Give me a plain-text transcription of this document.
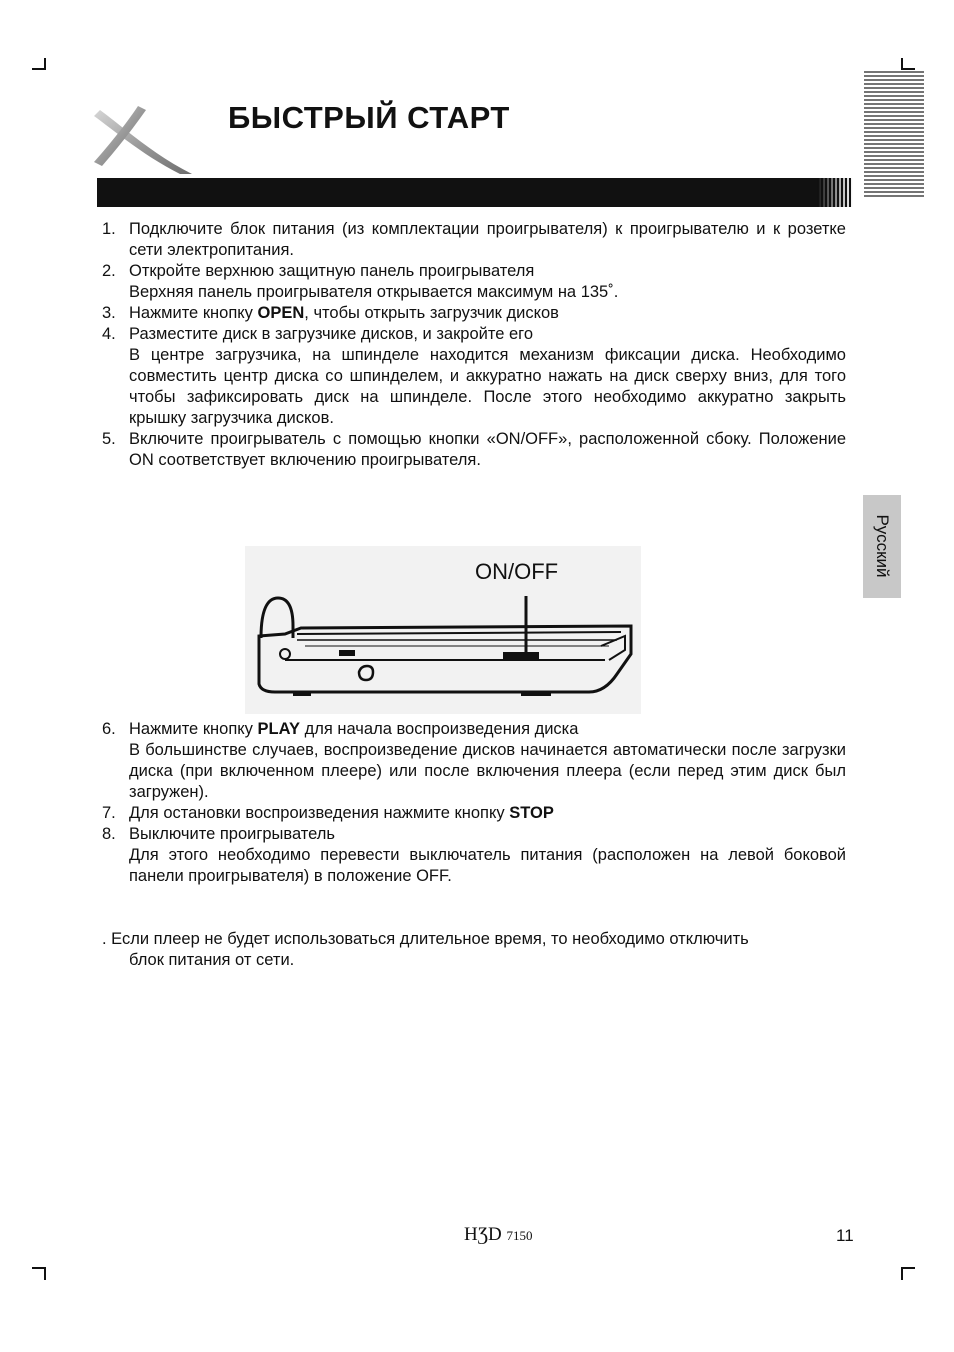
БЫСТРЫЙ СТАРТ
1. Подключите блок питания (из комплектации проигрывателя) к проигрывателю и к розетке сети электропитания.
2. Откройте верхнюю защитную панель проигрывателя
Верхняя панель проигрывателя открывается максимум на 135˚.
3. Нажмите кнопку OPEN, чтобы открыть загрузчик дисков
4. Разместите диск в загрузчике дисков, и закройте его
В центре загрузчика, на шпинделе находится механизм фиксации диска. Необходимо совместить центр диска со шпинделем, и аккуратно нажать на диск сверху вниз, для того чтобы зафиксировать диск на шпинделе. После этого необходимо аккуратно закрыть крышку загрузчика дисков.
5. Включите проигрыватель с помощью кнопки «ON/OFF», расположенной сбоку. Положение ON соответствует включению проигрывателя.
Русский
ON/OFF
6. Нажмите кнопку PLAY для начала воспроизведения диска
В большинстве случаев, воспроизведение дисков начинается автоматически после загрузки диска (при включенном плеере) или после включения плеера (если перед этим диск был загружен).
7. Для остановки воспроизведения нажмите кнопку STOP
8. Выключите проигрыватель
Для этого необходимо перевести выключатель питания (расположен на левой боковой панели проигрывателя) в положение OFF.
. Если плеер не будет использоваться длительное время, то необходимо отключить
блок питания от сети.
HƷD 7150	11
